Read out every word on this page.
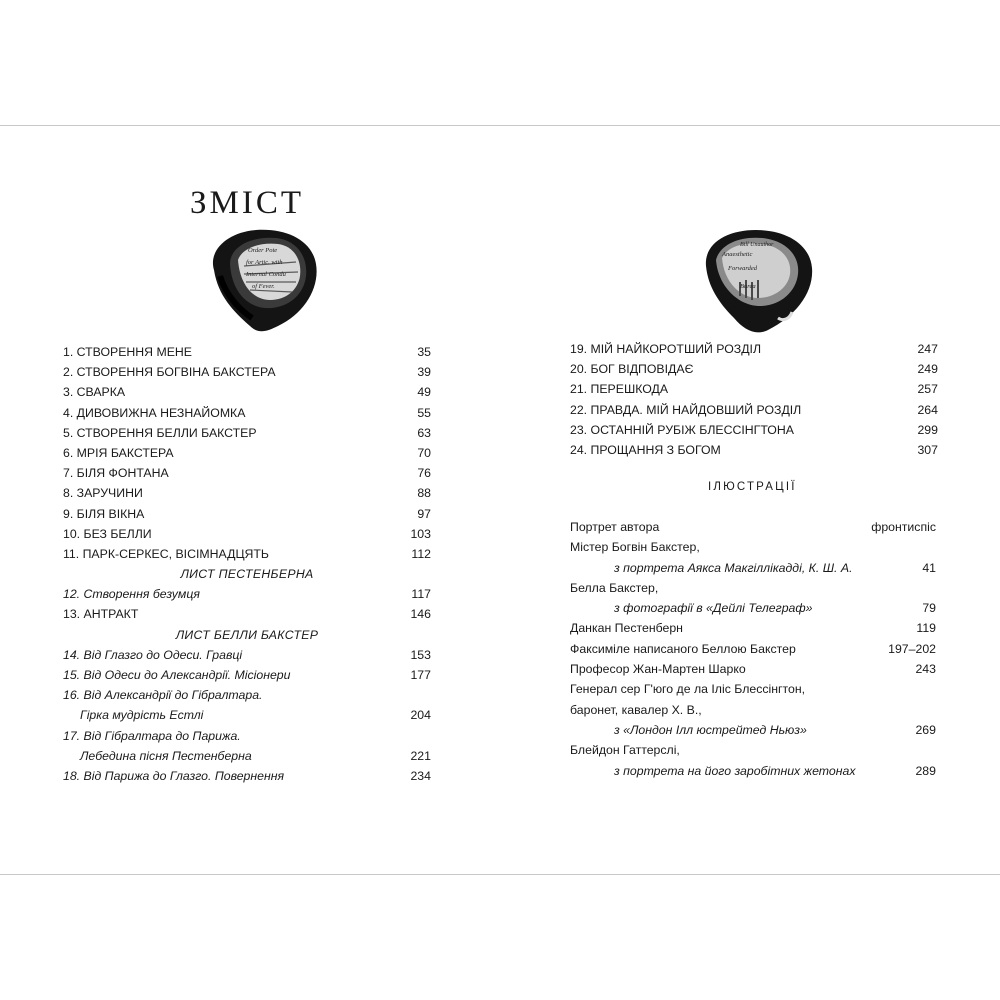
ЗМІСТ
Order Pote
for Artic. with
Internal Condu
of Fever.
Anaesthetic
Bill Unauthor
Forwarded
Burea
1. СТВОРЕННЯ МЕНЕ	35
2. СТВОРЕННЯ БОГВІНА БАКСТЕРА	39
3. СВАРКА	49
4. ДИВОВИЖНА НЕЗНАЙОМКА	55
5. СТВОРЕННЯ БЕЛЛИ БАКСТЕР	63
6. МРІЯ БАКСТЕРА	70
7. БІЛЯ ФОНТАНА	76
8. ЗАРУЧИНИ	88
9. БІЛЯ ВІКНА	97
10. БЕЗ БЕЛЛИ	103
11. ПАРК-СЕРКЕС, ВІСІМНАДЦЯТЬ	112
ЛИСТ ПЕСТЕНБЕРНА
12. Створення безумця	117
13. АНТРАКТ	146
ЛИСТ БЕЛЛИ БАКСТЕР
14. Від Глазго до Одеси. Гравці	153
15. Від Одеси до Александрії. Місіонери	177
16. Від Александрії до Гібралтара.
Гірка мудрість Естлі	204
17. Від Гібралтара до Парижа.
Лебедина пісня Пестенберна	221
18. Від Парижа до Глазго. Повернення	234
19. МІЙ НАЙКОРОТШИЙ РОЗДІЛ	247
20. БОГ ВІДПОВІДАЄ	249
21. ПЕРЕШКОДА	257
22. ПРАВДА. МІЙ НАЙДОВШИЙ РОЗДІЛ	264
23. ОСТАННІЙ РУБІЖ БЛЕССІНГТОНА	299
24. ПРОЩАННЯ З БОГОМ	307
ІЛЮСТРАЦІЇ
Портрет автора	фронтиспіс
Містер Богвін Бакстер,
з портрета Аякса Макгіллікадді, К. Ш. А.	41
Белла Бакстер,
з фотографії в «Дейлі Телеграф»	79
Данкан Пестенберн	119
Факсиміле написаного Беллою Бакстер	197–202
Професор Жан-Мартен Шарко	243
Генерал сер Г'юго де ла Іліс Блессінгтон,
баронет, кавалер Х. В.,
з «Лондон Ілл юстрейтед Ньюз»	269
Блейдон Гаттерслі,
з портрета на його заробітних жетонах	289
